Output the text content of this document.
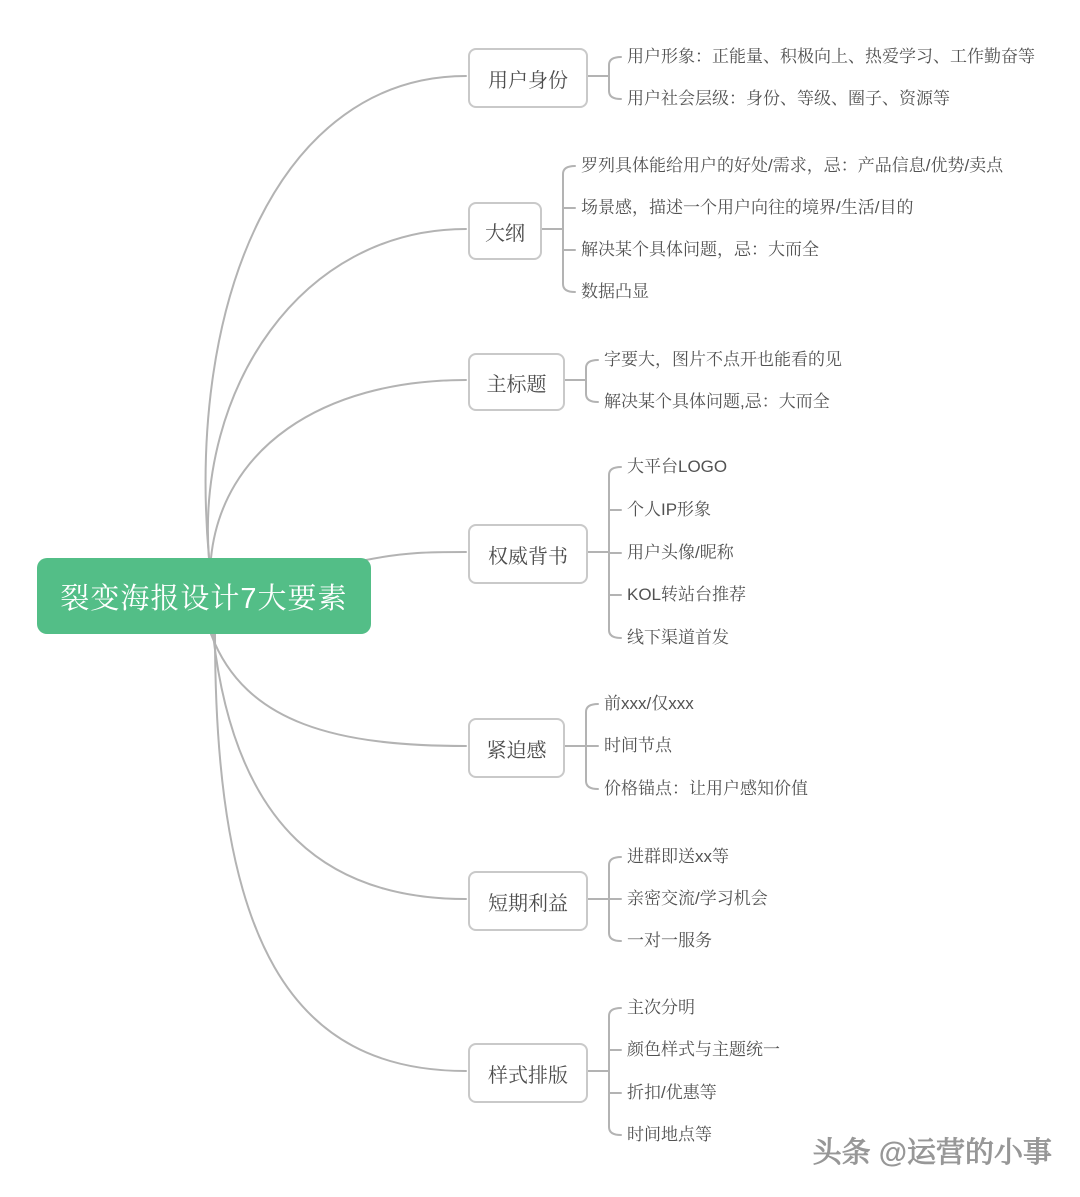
裂变海报设计7大要素
用户身份
用户形象：正能量、积极向上、热爱学习、工作勤奋等
用户社会层级：身份、等级、圈子、资源等
大纲
罗列具体能给用户的好处/需求，忌：产品信息/优势/卖点
场景感，描述一个用户向往的境界/生活/目的
解决某个具体问题，忌：大而全
数据凸显
主标题
字要大，图片不点开也能看的见
解决某个具体问题,忌：大而全
权威背书
大平台LOGO
个人IP形象
用户头像/昵称
KOL转站台推荐
线下渠道首发
紧迫感
前xxx/仅xxx
时间节点
价格锚点：让用户感知价值
短期利益
进群即送xx等
亲密交流/学习机会
一对一服务
样式排版
主次分明
颜色样式与主题统一
折扣/优惠等
时间地点等
头条 @运营的小事
